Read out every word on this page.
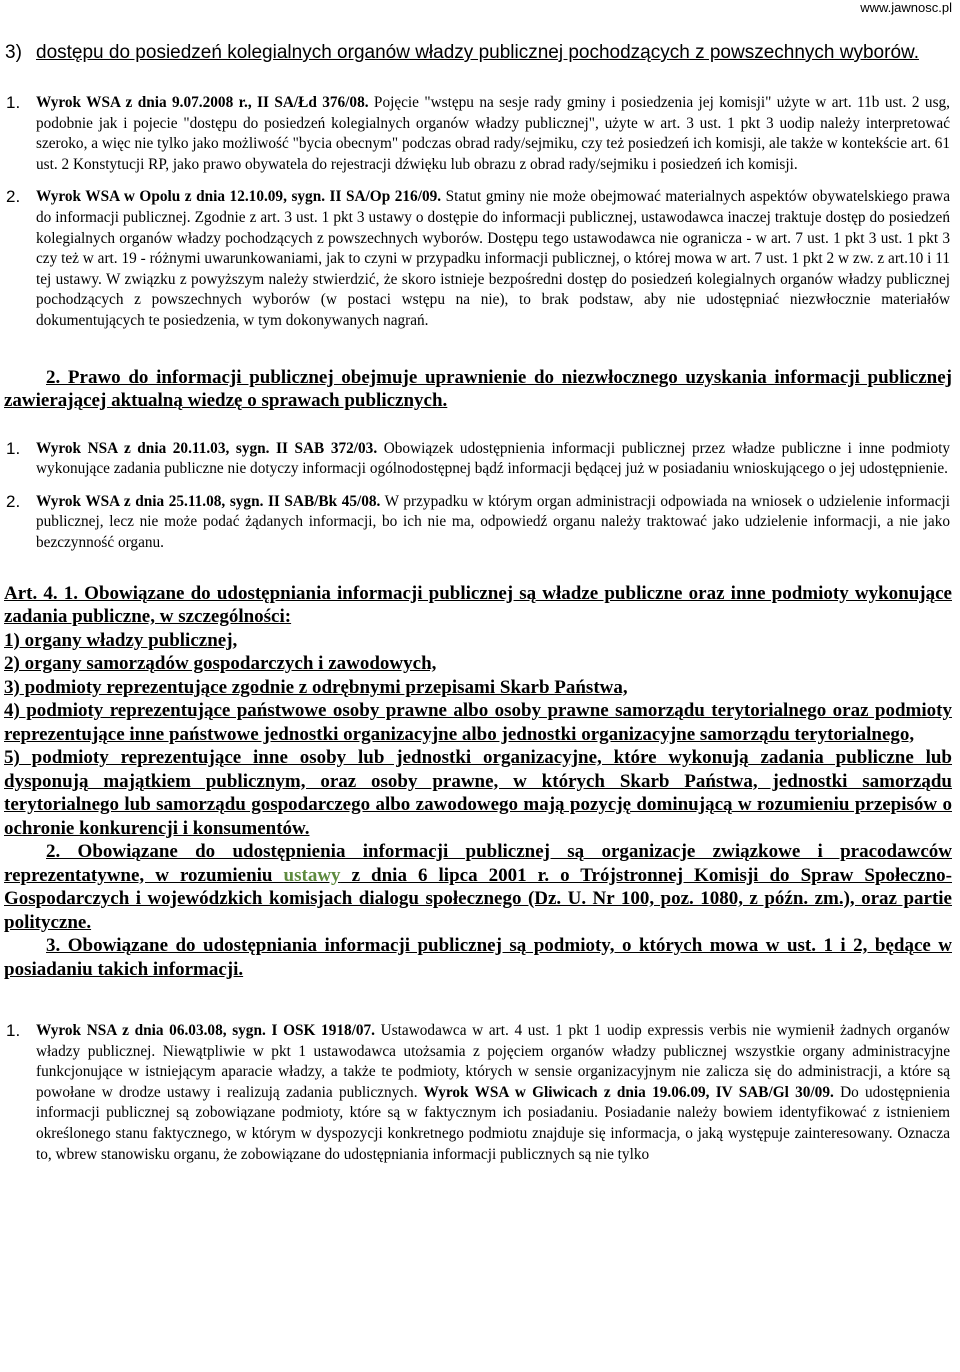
www.jawnosc.pl
3) dostępu do posiedzeń kolegialnych organów władzy publicznej pochodzących z powszechnych wyborów.
1. Wyrok WSA z dnia 9.07.2008 r., II SA/Łd 376/08. Pojęcie "wstępu na sesje rady gminy i posiedzenia jej komisji" użyte w art. 11b ust. 2 usg, podobnie jak i pojecie "dostępu do posiedzeń kolegialnych organów władzy publicznej", użyte w art. 3 ust. 1 pkt 3 uodip należy interpretować szeroko, a więc nie tylko jako możliwość "bycia obecnym" podczas obrad rady/sejmiku, czy też posiedzeń ich komisji, ale także w kontekście art. 61 ust. 2 Konstytucji RP, jako prawo obywatela do rejestracji dźwięku lub obrazu z obrad rady/sejmiku i posiedzeń ich komisji.
2. Wyrok WSA w Opolu z dnia 12.10.09, sygn. II SA/Op 216/09. Statut gminy nie może obejmować materialnych aspektów obywatelskiego prawa do informacji publicznej. Zgodnie z art. 3 ust. 1 pkt 3 ustawy o dostępie do informacji publicznej, ustawodawca inaczej traktuje dostęp do posiedzeń kolegialnych organów władzy pochodzących z powszechnych wyborów. Dostępu tego ustawodawca nie ogranicza - w art. 7 ust. 1 pkt 3 ust. 1 pkt 3 czy też w art. 19 - różnymi uwarunkowaniami, jak to czyni w przypadku informacji publicznej, o której mowa w art. 7 ust. 1 pkt 2 w zw. z art.10 i 11 tej ustawy. W związku z powyższym należy stwierdzić, że skoro istnieje bezpośredni dostęp do posiedzeń kolegialnych organów władzy publicznej pochodzących z powszechnych wyborów (w postaci wstępu na nie), to brak podstaw, aby nie udostępniać niezwłocznie materiałów dokumentujących te posiedzenia, w tym dokonywanych nagrań.
2. Prawo do informacji publicznej obejmuje uprawnienie do niezwłocznego uzyskania informacji publicznej zawierającej aktualną wiedzę o sprawach publicznych.
1. Wyrok NSA z dnia 20.11.03, sygn. II SAB 372/03. Obowiązek udostępnienia informacji publicznej przez władze publiczne i inne podmioty wykonujące zadania publiczne nie dotyczy informacji ogólnodostępnej bądź informacji będącej już w posiadaniu wnioskującego o jej udostępnienie.
2. Wyrok WSA z dnia 25.11.08, sygn. II SAB/Bk 45/08. W przypadku w którym organ administracji odpowiada na wniosek o udzielenie informacji publicznej, lecz nie może podać żądanych informacji, bo ich nie ma, odpowiedź organu należy traktować jako udzielenie informacji, a nie jako bezczynność organu.
Art. 4. 1. Obowiązane do udostępniania informacji publicznej są władze publiczne oraz inne podmioty wykonujące zadania publiczne, w szczególności:
1) organy władzy publicznej,
2) organy samorządów gospodarczych i zawodowych,
3) podmioty reprezentujące zgodnie z odrębnymi przepisami Skarb Państwa,
4) podmioty reprezentujące państwowe osoby prawne albo osoby prawne samorządu terytorialnego oraz podmioty reprezentujące inne państwowe jednostki organizacyjne albo jednostki organizacyjne samorządu terytorialnego,
5) podmioty reprezentujące inne osoby lub jednostki organizacyjne, które wykonują zadania publiczne lub dysponują majątkiem publicznym, oraz osoby prawne, w których Skarb Państwa, jednostki samorządu terytorialnego lub samorządu gospodarczego albo zawodowego mają pozycję dominującą w rozumieniu przepisów o ochronie konkurencji i konsumentów.
2. Obowiązane do udostępnienia informacji publicznej są organizacje związkowe i pracodawców reprezentatywne, w rozumieniu ustawy z dnia 6 lipca 2001 r. o Trójstronnej Komisji do Spraw Społeczno-Gospodarczych i wojewódzkich komisjach dialogu społecznego (Dz. U. Nr 100, poz. 1080, z późn. zm.), oraz partie polityczne.
3. Obowiązane do udostępniania informacji publicznej są podmioty, o których mowa w ust. 1 i 2, będące w posiadaniu takich informacji.
1. Wyrok NSA z dnia 06.03.08, sygn. I OSK 1918/07. Ustawodawca w art. 4 ust. 1 pkt 1 uodip expressis verbis nie wymienił żadnych organów władzy publicznej. Niewątpliwie w pkt 1 ustawodawca utożsamia z pojęciem organów władzy publicznej wszystkie organy administracyjne funkcjonujące w istniejącym aparacie władzy, a także te podmioty, których w sensie organizacyjnym nie zalicza się do administracji, a które są powołane w drodze ustawy i realizują zadania publicznych. Wyrok WSA w Gliwicach z dnia 19.06.09, IV SAB/Gl 30/09. Do udostępnienia informacji publicznej są zobowiązane podmioty, które są w faktycznym ich posiadaniu. Posiadanie należy bowiem identyfikować z istnieniem określonego stanu faktycznego, w którym w dyspozycji konkretnego podmiotu znajduje się informacja, o jaką występuje zainteresowany. Oznacza to, wbrew stanowisku organu, że zobowiązane do udostępniania informacji publicznych są nie tylko
